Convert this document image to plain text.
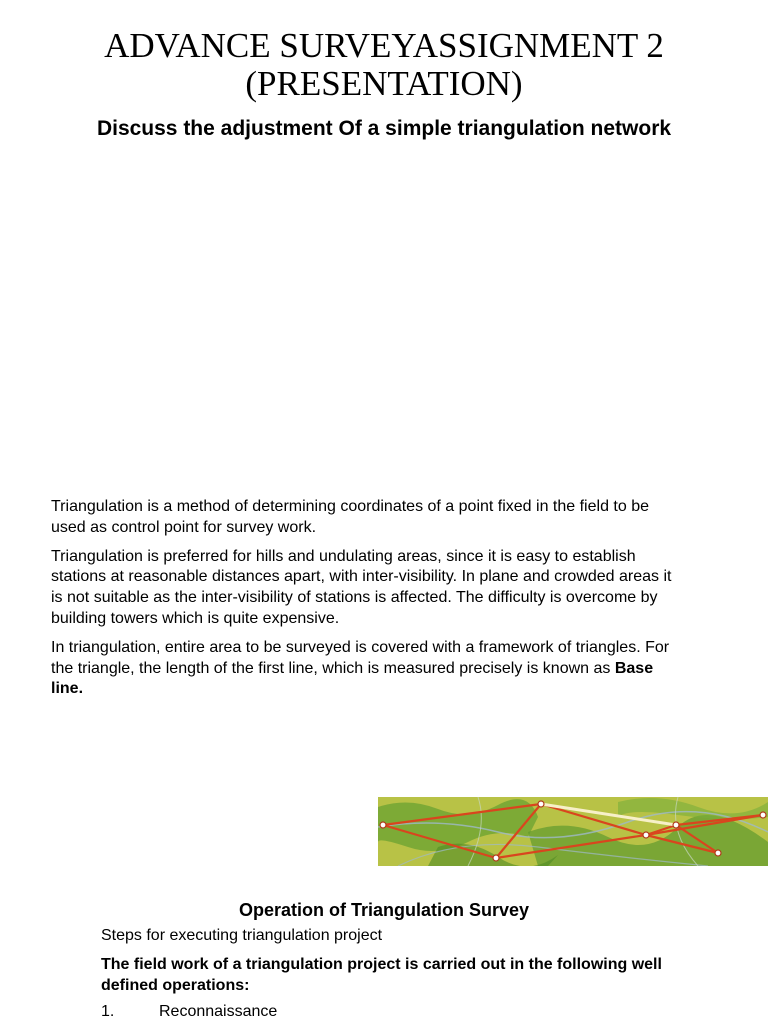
ADVANCE SURVEYASSIGNMENT 2
(PRESENTATION)
Discuss the adjustment Of a simple triangulation network

Triangulation is a method of determining coordinates of a point fixed in the field to be used as control point for survey work.

Triangulation is preferred for hills and undulating areas, since it is easy to establish stations at reasonable distances apart, with inter-visibility. In plane and crowded areas it is not suitable as the inter-visibility of stations is affected. The difficulty is overcome by building towers which is quite expensive.

In triangulation, entire area to be surveyed is covered with a framework of triangles. For the triangle, the length of the first line, which is measured precisely is known as Base line.

Operation of Triangulation Survey
Steps for executing triangulation project
The field work of a triangulation project is carried out in the following well defined operations:
1.	Reconnaissance
